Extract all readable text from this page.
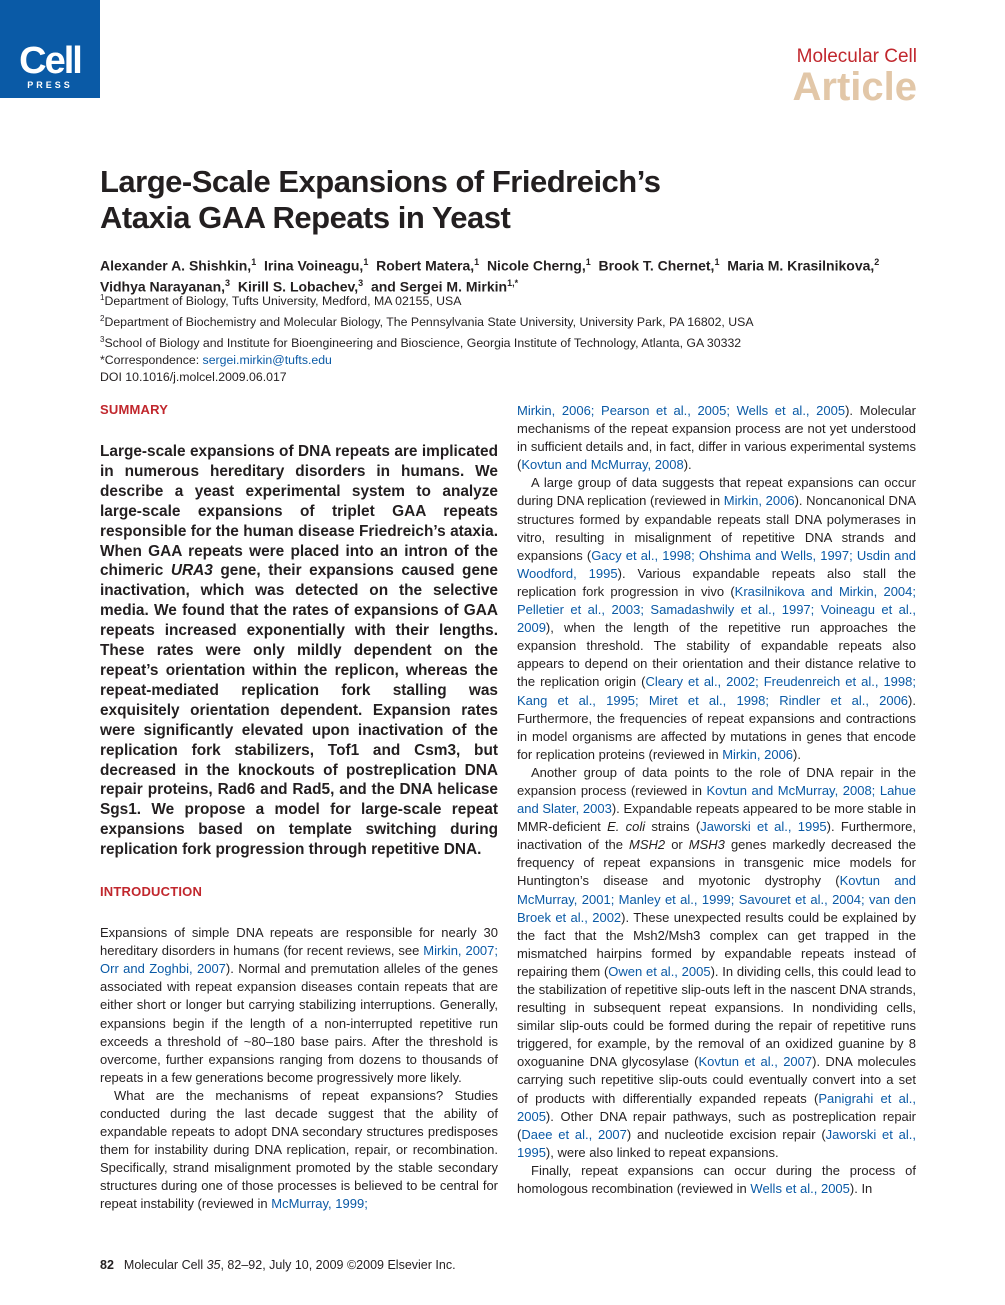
Cell
PRESS
Molecular Cell
Article
Large-Scale Expansions of Friedreich’s
Ataxia GAA Repeats in Yeast
Alexander A. Shishkin,$^1$ Irina Voineagu,$^1$ Robert Matera,$^1$ Nicole Cherng,$^1$ Brook T. Chernet,$^1$ Maria M. Krasilnikova,$^2$
Vidhya Narayanan,$^3$ Kirill S. Lobachev,$^3$ and Sergei M. Mirkin$^{1,*}$
$^1$Department of Biology, Tufts University, Medford, MA 02155, USA
$^2$Department of Biochemistry and Molecular Biology, The Pennsylvania State University, University Park, PA 16802, USA
$^3$School of Biology and Institute for Bioengineering and Bioscience, Georgia Institute of Technology, Atlanta, GA 30332
*Correspondence: sergei.mirkin@tufts.edu
DOI 10.1016/j.molcel.2009.06.017
SUMMARY

Large-scale expansions of DNA repeats are implicated in numerous hereditary disorders in humans. We describe a yeast experimental system to analyze large-scale expansions of triplet GAA repeats responsible for the human disease Friedreich’s ataxia. When GAA repeats were placed into an intron of the chimeric URA3 gene, their expansions caused gene inactivation, which was detected on the selective media. We found that the rates of expansions of GAA repeats increased exponentially with their lengths. These rates were only mildly dependent on the repeat’s orientation within the replicon, whereas the repeat-mediated replication fork stalling was exquisitely orientation dependent. Expansion rates were significantly elevated upon inactivation of the replication fork stabilizers, Tof1 and Csm3, but decreased in the knockouts of postreplication DNA repair proteins, Rad6 and Rad5, and the DNA helicase Sgs1. We propose a model for large-scale repeat expansions based on template switching during replication fork progression through repetitive DNA.

INTRODUCTION

Expansions of simple DNA repeats are responsible for nearly 30 hereditary disorders in humans (for recent reviews, see Mirkin, 2007; Orr and Zoghbi, 2007). Normal and premutation alleles of the genes associated with repeat expansion diseases contain repeats that are either short or longer but carrying stabilizing interruptions. Generally, expansions begin if the length of a non-interrupted repetitive run exceeds a threshold of ~80–180 base pairs. After the threshold is overcome, further expansions ranging from dozens to thousands of repeats in a few generations become progressively more likely.

What are the mechanisms of repeat expansions? Studies conducted during the last decade suggest that the ability of expandable repeats to adopt DNA secondary structures predisposes them for instability during DNA replication, repair, or recombination. Specifically, strand misalignment promoted by the stable secondary structures during one of those processes is believed to be central for repeat instability (reviewed in McMurray, 1999;

Mirkin, 2006; Pearson et al., 2005; Wells et al., 2005). Molecular mechanisms of the repeat expansion process are not yet understood in sufficient details and, in fact, differ in various experimental systems (Kovtun and McMurray, 2008).

A large group of data suggests that repeat expansions can occur during DNA replication (reviewed in Mirkin, 2006). Noncanonical DNA structures formed by expandable repeats stall DNA polymerases in vitro, resulting in misalignment of repetitive DNA strands and expansions (Gacy et al., 1998; Ohshima and Wells, 1997; Usdin and Woodford, 1995). Various expandable repeats also stall the replication fork progression in vivo (Krasilnikova and Mirkin, 2004; Pelletier et al., 2003; Samadashwily et al., 1997; Voineagu et al., 2009), when the length of the repetitive run approaches the expansion threshold. The stability of expandable repeats also appears to depend on their orientation and their distance relative to the replication origin (Cleary et al., 2002; Freudenreich et al., 1998; Kang et al., 1995; Miret et al., 1998; Rindler et al., 2006). Furthermore, the frequencies of repeat expansions and contractions in model organisms are affected by mutations in genes that encode for replication proteins (reviewed in Mirkin, 2006).

Another group of data points to the role of DNA repair in the expansion process (reviewed in Kovtun and McMurray, 2008; Lahue and Slater, 2003). Expandable repeats appeared to be more stable in MMR-deficient E. coli strains (Jaworski et al., 1995). Furthermore, inactivation of the MSH2 or MSH3 genes markedly decreased the frequency of repeat expansions in transgenic mice models for Huntington’s disease and myotonic dystrophy (Kovtun and McMurray, 2001; Manley et al., 1999; Savouret et al., 2004; van den Broek et al., 2002). These unexpected results could be explained by the fact that the Msh2/Msh3 complex can get trapped in the mismatched hairpins formed by expandable repeats instead of repairing them (Owen et al., 2005). In dividing cells, this could lead to the stabilization of repetitive slip-outs left in the nascent DNA strands, resulting in subsequent repeat expansions. In nondividing cells, similar slip-outs could be formed during the repair of repetitive runs triggered, for example, by the removal of an oxidized guanine by 8 oxoguanine DNA glycosylase (Kovtun et al., 2007). DNA molecules carrying such repetitive slip-outs could eventually convert into a set of products with differentially expanded repeats (Panigrahi et al., 2005). Other DNA repair pathways, such as postreplication repair (Daee et al., 2007) and nucleotide excision repair (Jaworski et al., 1995), were also linked to repeat expansions.

Finally, repeat expansions can occur during the process of homologous recombination (reviewed in Wells et al., 2005). In

82 Molecular Cell 35, 82–92, July 10, 2009 ©2009 Elsevier Inc.
